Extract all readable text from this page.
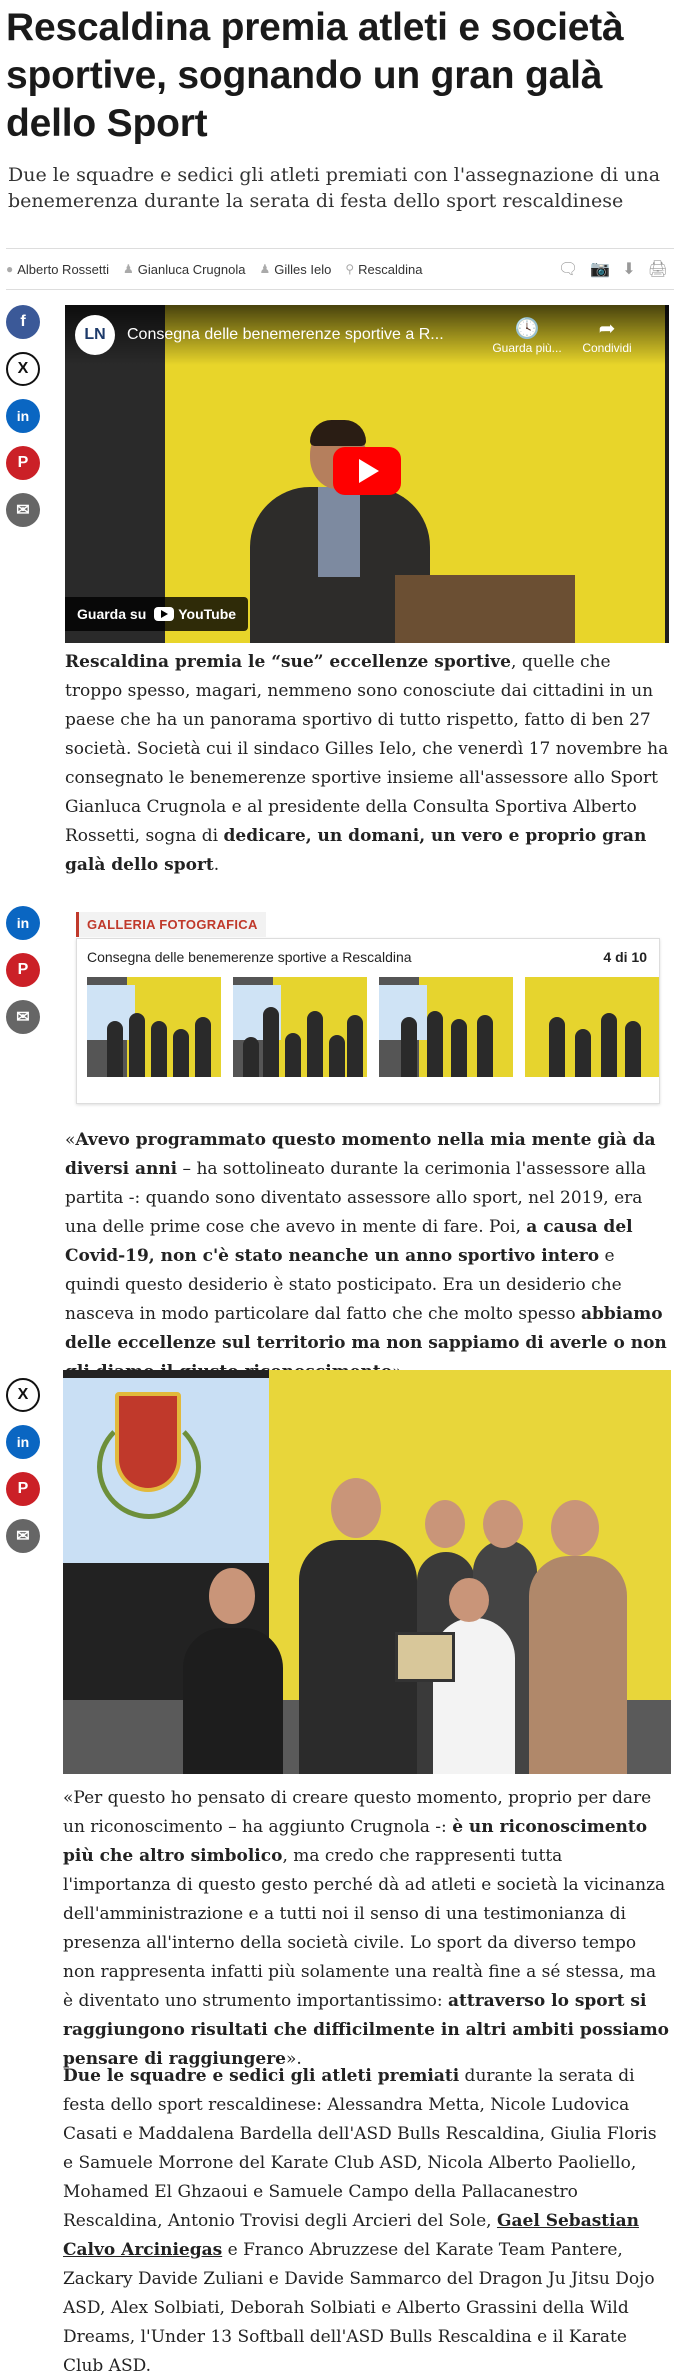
Rescaldina premia atleti e società sportive, sognando un gran galà dello Sport

Due le squadre e sedici gli atleti premiati con l'assegnazione di una benemerenza durante la serata di festa dello sport rescaldinese

● Alberto Rossetti ♟ Gianluca Crugnola ♟ Gilles Ielo ⚲ Rescaldina	🗨 📷 ⬇ 🖨
f
X
in
P
✉
LN	Consegna delle benemerenze sportive a R...	🕓
Guarda più...
➦
Condividi
Guarda su YouTube

Rescaldina premia le “sue” eccellenze sportive, quelle che troppo spesso, magari, nemmeno sono conosciute dai cittadini in un paese che ha un panorama sportivo di tutto rispetto, fatto di ben 27 società. Società cui il sindaco Gilles Ielo, che venerdì 17 novembre ha consegnato le benemerenze sportive insieme all'assessore allo Sport Gianluca Crugnola e al presidente della Consulta Sportiva Alberto Rossetti, sogna di dedicare, un domani, un vero e proprio gran galà dello sport.

in
P
✉
Consegna delle benemerenze sportive a Rescaldina	4 di 10
GALLERIA FOTOGRAFICA

«Avevo programmato questo momento nella mia mente già da diversi anni – ha sottolineato durante la cerimonia l'assessore alla partita -: quando sono diventato assessore allo sport, nel 2019, era una delle prime cose che avevo in mente di fare. Poi, a causa del Covid-19, non c'è stato neanche un anno sportivo intero e quindi questo desiderio è stato posticipato. Era un desiderio che nasceva in modo particolare dal fatto che che molto spesso abbiamo delle eccellenze sul territorio ma non sappiamo di averle o non

X
in
P
✉

«Per questo ho pensato di creare questo momento, proprio per dare un riconoscimento – ha aggiunto Crugnola -: è un riconoscimento più che altro simbolico, ma credo che rappresenti tutta l'importanza di questo gesto perché dà ad atleti e società la vicinanza dell'amministrazione e a tutti noi il senso di una testimonianza di presenza all'interno della società civile. Lo sport da diverso tempo non rappresenta infatti più solamente una realtà fine a sé stessa, ma è diventato uno strumento importantissimo: attraverso lo sport si raggiungono risultati che difficilmente in altri ambiti possiamo pensare di raggiungere».

Due le squadre e sedici gli atleti premiati durante la serata di festa dello sport rescaldinese: Alessandra Metta, Nicole Ludovica Casati e Maddalena Bardella dell'ASD Bulls Rescaldina, Giulia Floris e Samuele Morrone del Karate Club ASD, Nicola Alberto Paoliello, Mohamed El Ghzaoui e Samuele Campo della Pallacanestro Rescaldina, Antonio Trovisi degli Arcieri del Sole, Gael Sebastian Calvo Arciniegas e Franco Abruzzese del Karate Team Pantere, Zackary Davide Zuliani e Davide Sammarco del Dragon Ju Jitsu Dojo ASD, Alex Solbiati, Deborah Solbiati e Alberto Grassini della Wild Dreams, l'Under 13 Softball dell'ASD Bulls Rescaldina e il Karate Club ASD.
